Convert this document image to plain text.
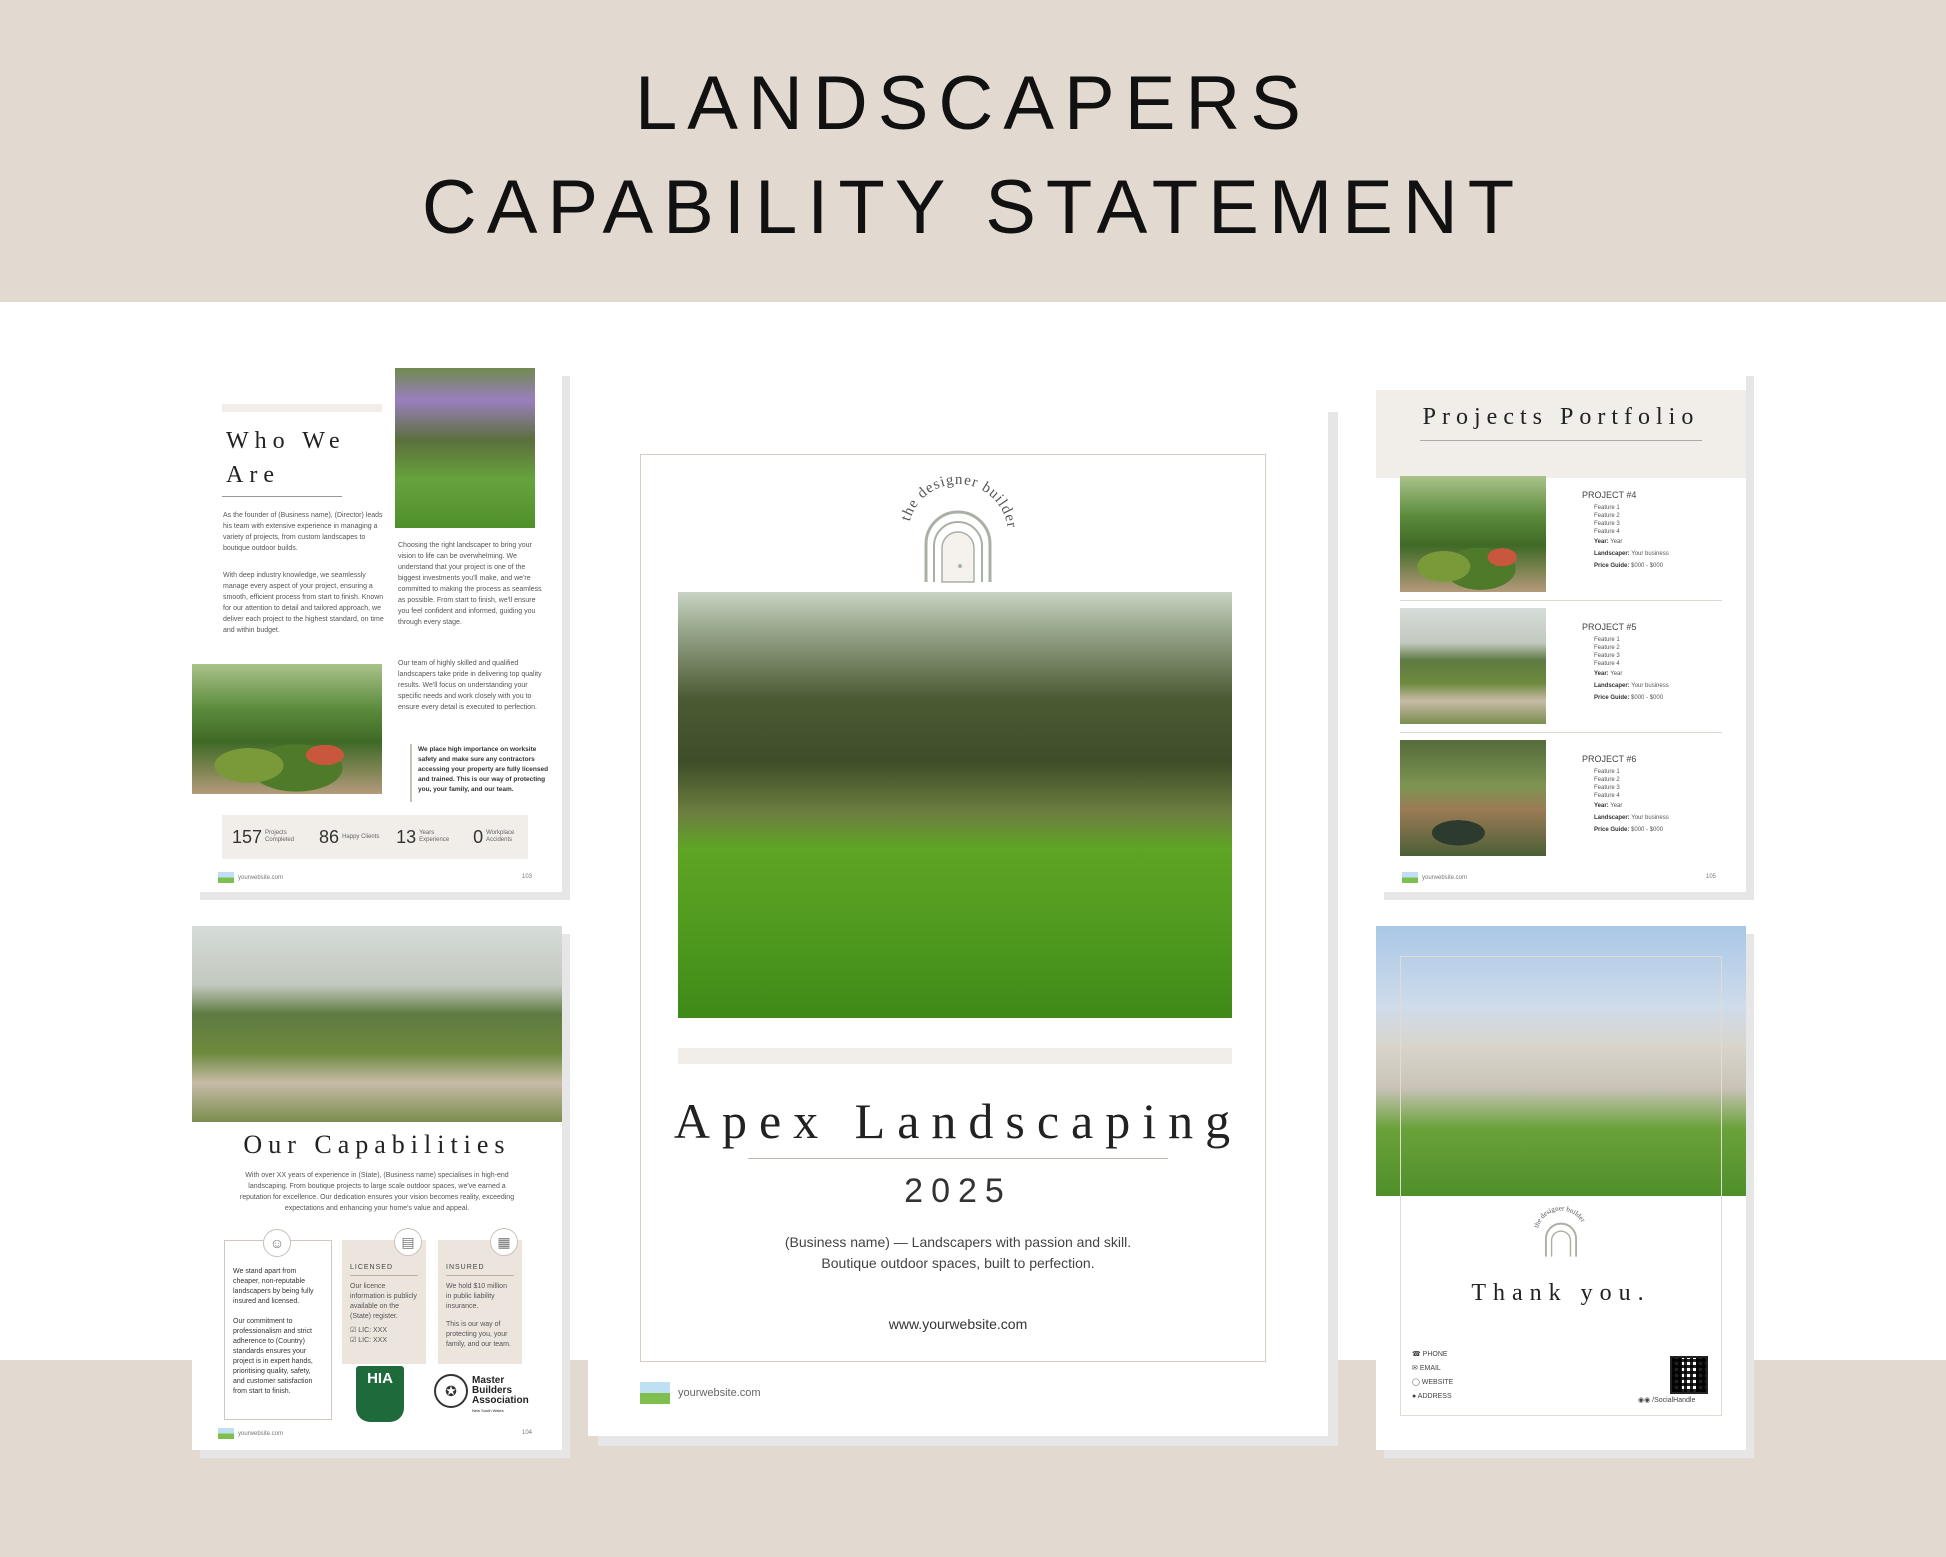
LANDSCAPERS
CAPABILITY STATEMENT
Who We
Are
As the founder of (Business name), (Director) leads his team with extensive experience in managing a variety of projects, from custom landscapes to boutique outdoor builds.
With deep industry knowledge, we seamlessly manage every aspect of your project, ensuring a smooth, efficient process from start to finish. Known for our attention to detail and tailored approach, we deliver each project to the highest standard, on time and within budget.
Choosing the right landscaper to bring your vision to life can be overwhelming. We understand that your project is one of the biggest investments you'll make, and we're committed to making the process as seamless as possible. From start to finish, we'll ensure you feel confident and informed, guiding you through every stage.
Our team of highly skilled and qualified landscapers take pride in delivering top quality results. We'll focus on understanding your specific needs and work closely with you to ensure every detail is executed to perfection.
We place high importance on worksite safety and make sure any contractors accessing your property are fully licensed and trained. This is our way of protecting you, your family, and our team.
157 Projects Completed	86 Happy Clients 13 Years Experience	0 Workplace Accidents
yourwebsite.com	103
Our Capabilities
With over XX years of experience in (State), (Business name) specialises in high-end landscaping. From boutique projects to large scale outdoor spaces, we've earned a reputation for excellence. Our dedication ensures your vision becomes reality, exceeding expectations and enhancing your home's value and appeal.
☺
We stand apart from cheaper, non-reputable landscapers by being fully insured and licensed.
Our commitment to professionalism and strict adherence to (Country) standards ensures your project is in expert hands, prioritising quality, safety, and customer satisfaction from start to finish.
▤
LICENSED
Our licence information is publicly available on the (State) register.
☑ LIC: XXX
☑ LIC: XXX
▦
INSURED
We hold $10 million in public liability insurance.
This is our way of protecting you, your family, and our team.
HIA
✪
Master
Builders
Association
New South Wales
yourwebsite.com	104
the designer builder
Apex Landscaping
2025
(Business name) — Landscapers with passion and skill.
Boutique outdoor spaces, built to perfection.
www.yourwebsite.com
yourwebsite.com
Projects Portfolio
PROJECT #4
Feature 1
Feature 2
Feature 3
Feature 4
Year: Year
Landscaper: Your business
Price Guide: $000 - $000
PROJECT #5
Feature 1
Feature 2
Feature 3
Feature 4
Year: Year
Landscaper: Your business
Price Guide: $000 - $000
PROJECT #6
Feature 1
Feature 2
Feature 3
Feature 4
Year: Year
Landscaper: Your business
Price Guide: $000 - $000
yourwebsite.com	105
the designer builder
Thank you.
☎ PHONE
✉ EMAIL
◯ WEBSITE
● ADDRESS
◉◉ /SocialHandle
